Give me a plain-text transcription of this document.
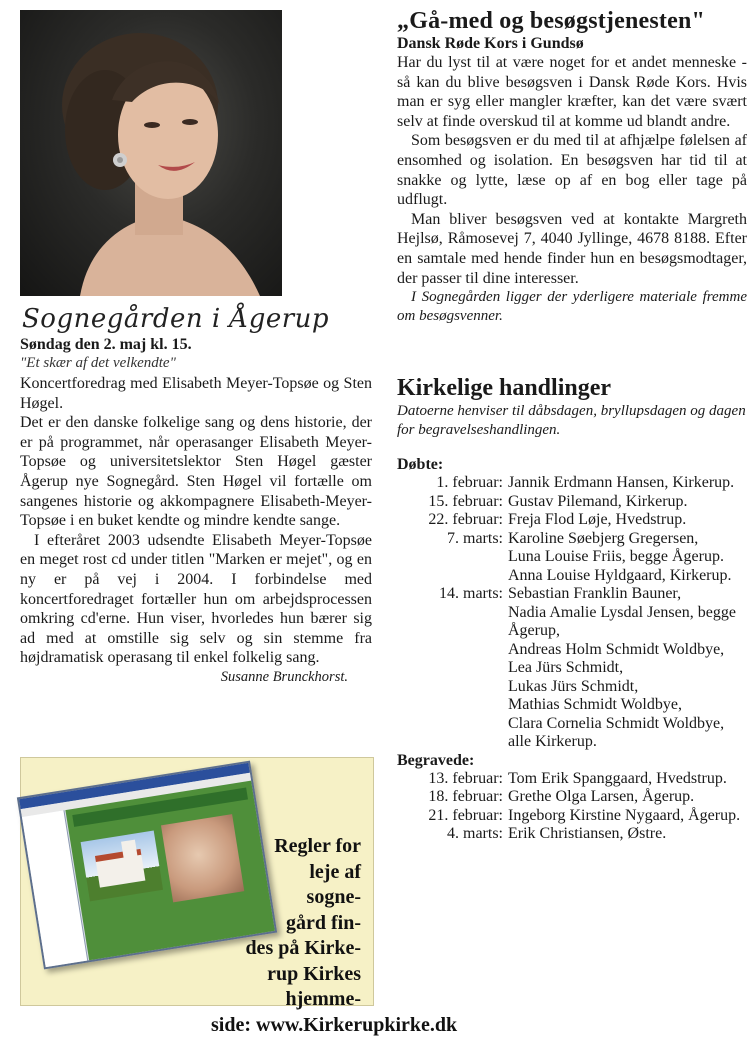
Sognegården i Ågerup

Søndag den 2. maj kl. 15.

"Et skær af det velkendte"

Koncertforedrag med Elisabeth Meyer-Topsøe og Sten Høgel.

Det er den danske folkelige sang og dens historie, der er på programmet, når operasanger Elisabeth Meyer-Topsøe og universitetslektor Sten Høgel gæster Ågerup nye Sognegård. Sten Høgel vil fortælle om sangenes historie og akkompagnere Elisabeth-Meyer-Topsøe i en buket kendte og mindre kendte sange.

I efteråret 2003 udsendte Elisabeth Meyer-Topsøe en meget rost cd under titlen "Marken er mejet", og en ny er på vej i 2004. I forbindelse med koncertforedraget fortæller hun om arbejdsprocessen omkring cd'erne. Hun viser, hvorledes hun bærer sig ad med at omstille sig selv og sin stemme fra højdramatisk operasang til enkel folkelig sang.

Susanne Brunckhorst.

Regler for
leje af
sogne-
gård fin-
des på Kirke-
rup Kirkes hjemme-
side: www.Kirkerupkirke.dk
„Gå-med og besøgstjenesten"

Dansk Røde Kors i Gundsø

Har du lyst til at være noget for et andet menneske - så kan du blive besøgsven i Dansk Røde Kors. Hvis man er syg eller mangler kræfter, kan det være svært selv at finde overskud til at komme ud blandt andre.

Som besøgsven er du med til at afhjælpe følelsen af ensomhed og isolation. En besøgsven har tid til at snakke og lytte, læse op af en bog eller tage på udflugt.

Man bliver besøgsven ved at kontakte Margreth Hejlsø, Råmosevej 7, 4040 Jyllinge, 4678 8188. Efter en samtale med hende finder hun en besøgsmodtager, der passer til dine interesser.

I Sognegården ligger der yderligere materiale fremme om besøgsvenner.

Kirkelige handlinger

Datoerne henviser til dåbsdagen, bryllupsdagen og dagen for begravelseshandlingen.

Døbte:

1. februar: Jannik Erdmann Hansen, Kirkerup.
15. februar: Gustav Pilemand, Kirkerup.
22. februar: Freja Flod Løje, Hvedstrup.
7. marts: Karoline Søebjerg Gregersen,
Luna Louise Friis, begge Ågerup.
Anna Louise Hyldgaard, Kirkerup.
14. marts: Sebastian Franklin Bauner,
Nadia Amalie Lysdal Jensen, begge Ågerup,
Andreas Holm Schmidt Woldbye,
Lea Jürs Schmidt,
Lukas Jürs Schmidt,
Mathias Schmidt Woldbye,
Clara Cornelia Schmidt Woldbye, alle Kirkerup.

Begravede:

13. februar: Tom Erik Spanggaard, Hvedstrup.
18. februar: Grethe Olga Larsen, Ågerup.
21. februar: Ingeborg Kirstine Nygaard, Ågerup.
4. marts: Erik Christiansen, Østre.
